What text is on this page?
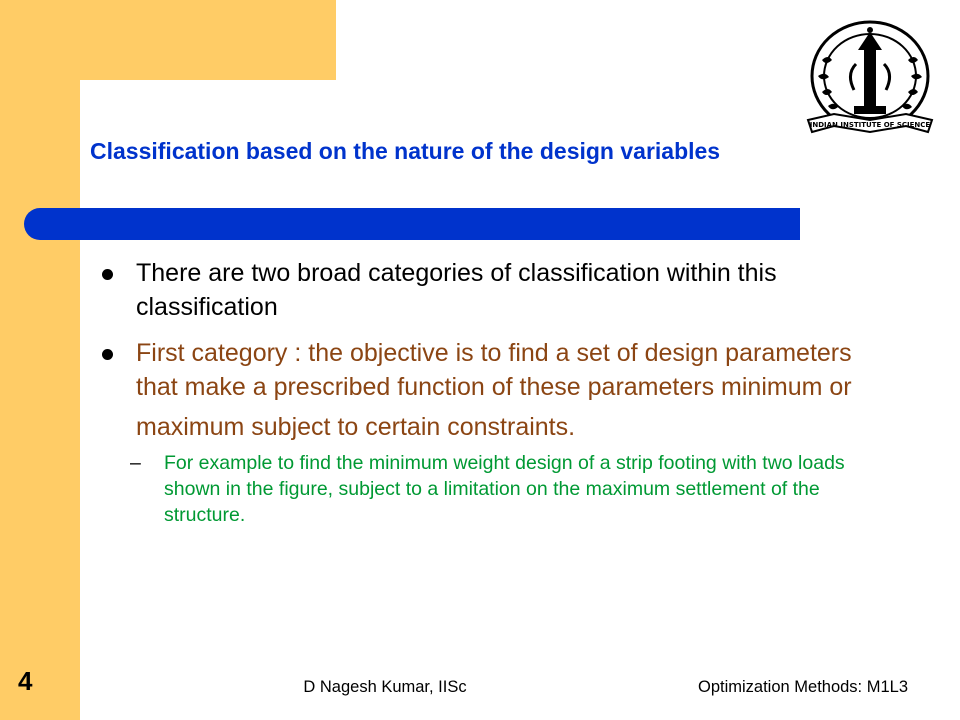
INDIAN INSTITUTE OF SCIENCE
Classification based on the nature of the design variables
There are two broad categories of classification within this classification
First category : the objective is to find a set of design parameters that make a prescribed function of these parameters minimum or maximum subject to certain constraints.
– For example to find the minimum weight design of a strip footing with two loads shown in the figure, subject to a limitation on the maximum settlement of the structure.
4	D Nagesh Kumar, IISc	Optimization Methods: M1L3
